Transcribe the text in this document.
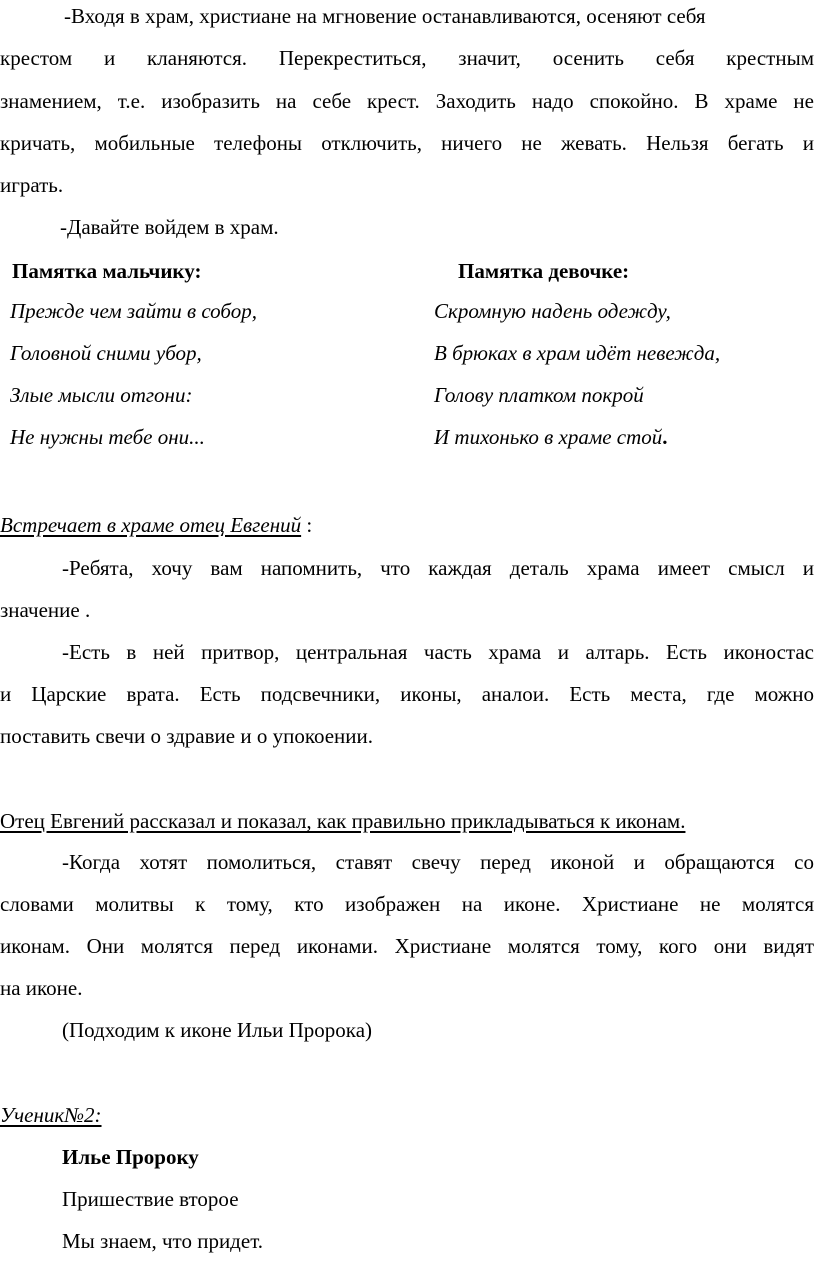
-Входя в храм, христиане на мгновение останавливаются, осеняют себя
крестом и кланяются. Перекреститься, значит, осенить себя крестным
знамением, т.е. изобразить на себе крест. Заходить надо спокойно. В храме не
кричать, мобильные телефоны отключить, ничего не жевать. Нельзя бегать и
играть.
-Давайте войдем в храм.
Памятка мальчику:	Памятка девочке:
Прежде чем зайти в собор,
Головной сними убор,
Злые мысли отгони:
Не нужны тебе они...
Скромную надень одежду,
В брюках в храм идёт невежда,
Голову платком покрой
И тихонько в храме стой.
Встречает в храме отец Евгений :
-Ребята, хочу вам напомнить, что каждая деталь храма имеет смысл и
значение .
-Есть в ней притвор, центральная часть храма и алтарь. Есть иконостас
и Царские врата. Есть подсвечники, иконы, аналои. Есть места, где можно
поставить свечи о здравие и о упокоении.
Отец Евгений рассказал и показал, как правильно прикладываться к иконам.
-Когда хотят помолиться, ставят свечу перед иконой и обращаются со
словами молитвы к тому, кто изображен на иконе. Христиане не молятся
иконам. Они молятся перед иконами. Христиане молятся тому, кого они видят
на иконе.
(Подходим к иконе Ильи Пророка)
Ученик№2:
Илье Пророку
Пришествие второе
Мы знаем, что придет.
